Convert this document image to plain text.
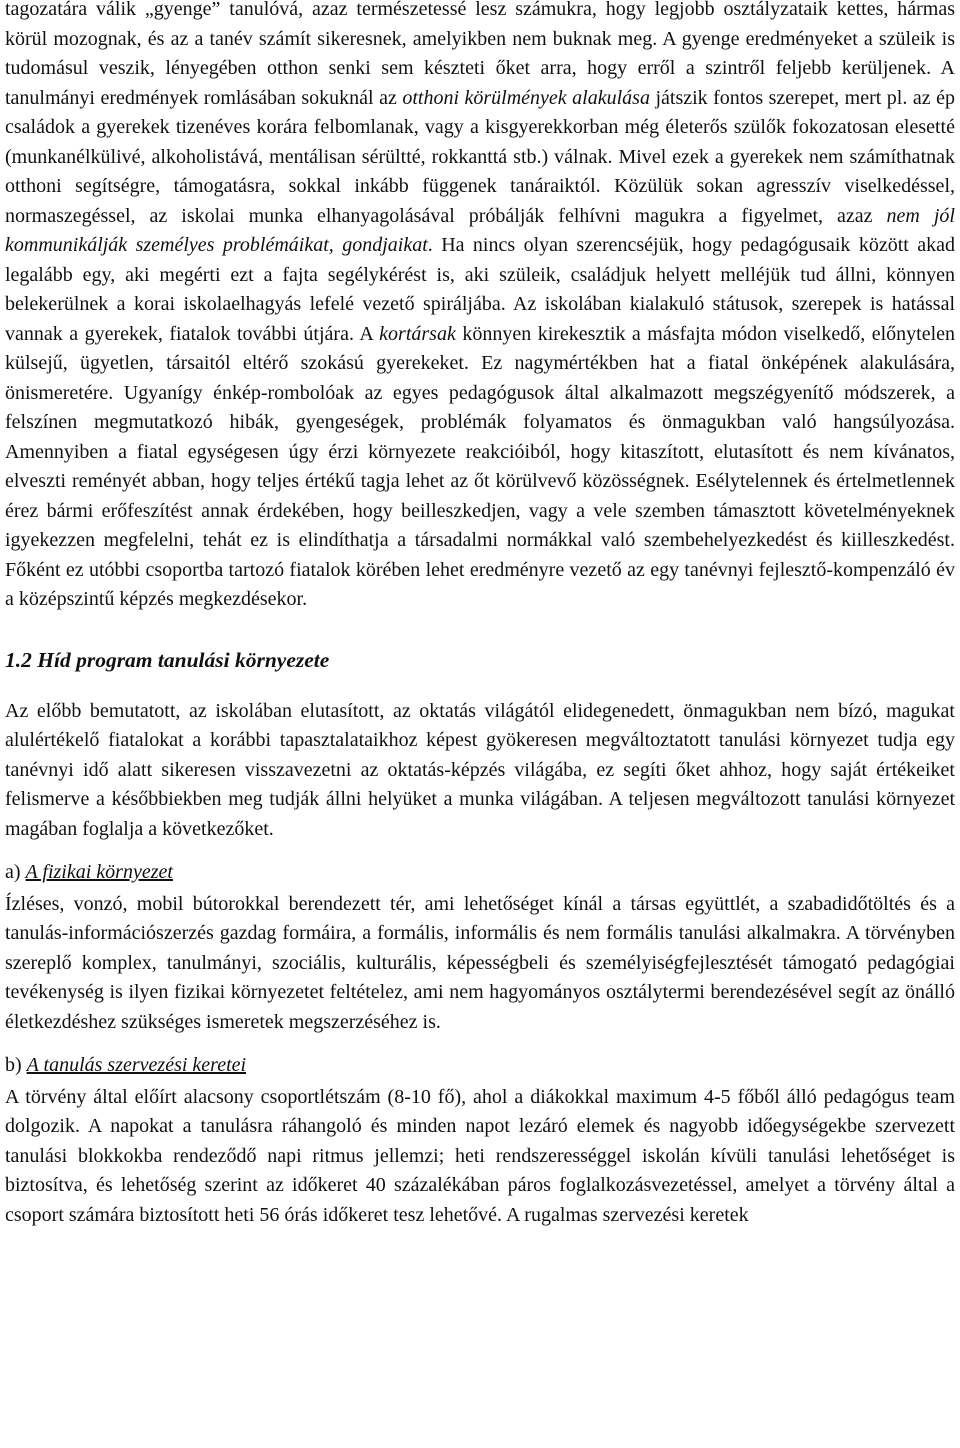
tagozatára válik „gyenge” tanulóvá, azaz természetessé lesz számukra, hogy legjobb osztályzataik kettes, hármas körül mozognak, és az a tanév számít sikeresnek, amelyikben nem buknak meg. A gyenge eredményeket a szüleik is tudomásul veszik, lényegében otthon senki sem készteti őket arra, hogy erről a szintről feljebb kerüljenek. A tanulmányi eredmények romlásában sokuknál az otthoni körülmények alakulása játszik fontos szerepet, mert pl. az ép családok a gyerekek tizenéves korára felbomlanak, vagy a kisgyerekkorban még életerős szülők fokozatosan elesetté (munkanélkülivé, alkoholistává, mentálisan sérültté, rokkanttá stb.) válnak. Mivel ezek a gyerekek nem számíthatnak otthoni segítségre, támogatásra, sokkal inkább függenek tanáraiktól. Közülük sokan agresszív viselkedéssel, normaszegéssel, az iskolai munka elhanyagolásával próbálják felhívni magukra a figyelmet, azaz nem jól kommunikálják személyes problémáikat, gondjaikat. Ha nincs olyan szerencséjük, hogy pedagógusaik között akad legalább egy, aki megérti ezt a fajta segélykérést is, aki szüleik, családjuk helyett melléjük tud állni, könnyen belekerülnek a korai iskolaelhagyás lefelé vezető spiráljába. Az iskolában kialakuló státusok, szerepek is hatással vannak a gyerekek, fiatalok további útjára. A kortársak könnyen kirekesztik a másfajta módon viselkedő, előnytelen külsejű, ügyetlen, társaitól eltérő szokású gyerekeket. Ez nagymértékben hat a fiatal önképének alakulására, önismeretére. Ugyanígy énkép-rombolóak az egyes pedagógusok által alkalmazott megszégyenítő módszerek, a felszínen megmutatkozó hibák, gyengeségek, problémák folyamatos és önmagukban való hangsúlyozása. Amennyiben a fiatal egységesen úgy érzi környezete reakcióiból, hogy kitaszított, elutasított és nem kívánatos, elveszti reményét abban, hogy teljes értékű tagja lehet az őt körülvevő közösségnek. Esélytelennek és értelmetlennek érez bármi erőfeszítést annak érdekében, hogy beilleszkedjen, vagy a vele szemben támasztott követelményeknek igyekezzen megfelelni, tehát ez is elindíthatja a társadalmi normákkal való szembehelyezkedést és kiilleszkedést. Főként ez utóbbi csoportba tartozó fiatalok körében lehet eredményre vezető az egy tanévnyi fejlesztő-kompenzáló év a középszintű képzés megkezdésekor.

1.2 Híd program tanulási környezete

Az előbb bemutatott, az iskolában elutasított, az oktatás világától elidegenedett, önmagukban nem bízó, magukat alulértékelő fiatalokat a korábbi tapasztalataikhoz képest gyökeresen megváltoztatott tanulási környezet tudja egy tanévnyi idő alatt sikeresen visszavezetni az oktatás-képzés világába, ez segíti őket ahhoz, hogy saját értékeiket felismerve a későbbiekben meg tudják állni helyüket a munka világában. A teljesen megváltozott tanulási környezet magában foglalja a következőket.

a) A fizikai környezet

Ízléses, vonzó, mobil bútorokkal berendezett tér, ami lehetőséget kínál a társas együttlét, a szabadidőtöltés és a tanulás-információszerzés gazdag formáira, a formális, informális és nem formális tanulási alkalmakra. A törvényben szereplő komplex, tanulmányi, szociális, kulturális, képességbeli és személyiségfejlesztését támogató pedagógiai tevékenység is ilyen fizikai környezetet feltételez, ami nem hagyományos osztálytermi berendezésével segít az önálló életkezdéshez szükséges ismeretek megszerzéséhez is.

b) A tanulás szervezési keretei

A törvény által előírt alacsony csoportlétszám (8-10 fő), ahol a diákokkal maximum 4-5 főből álló pedagógus team dolgozik. A napokat a tanulásra ráhangoló és minden napot lezáró elemek és nagyobb időegységekbe szervezett tanulási blokkokba rendeződő napi ritmus jellemzi; heti rendszerességgel iskolán kívüli tanulási lehetőséget is biztosítva, és lehetőség szerint az időkeret 40 százalékában páros foglalkozásvezetéssel, amelyet a törvény által a csoport számára biztosított heti 56 órás időkeret tesz lehetővé. A rugalmas szervezési keretek
